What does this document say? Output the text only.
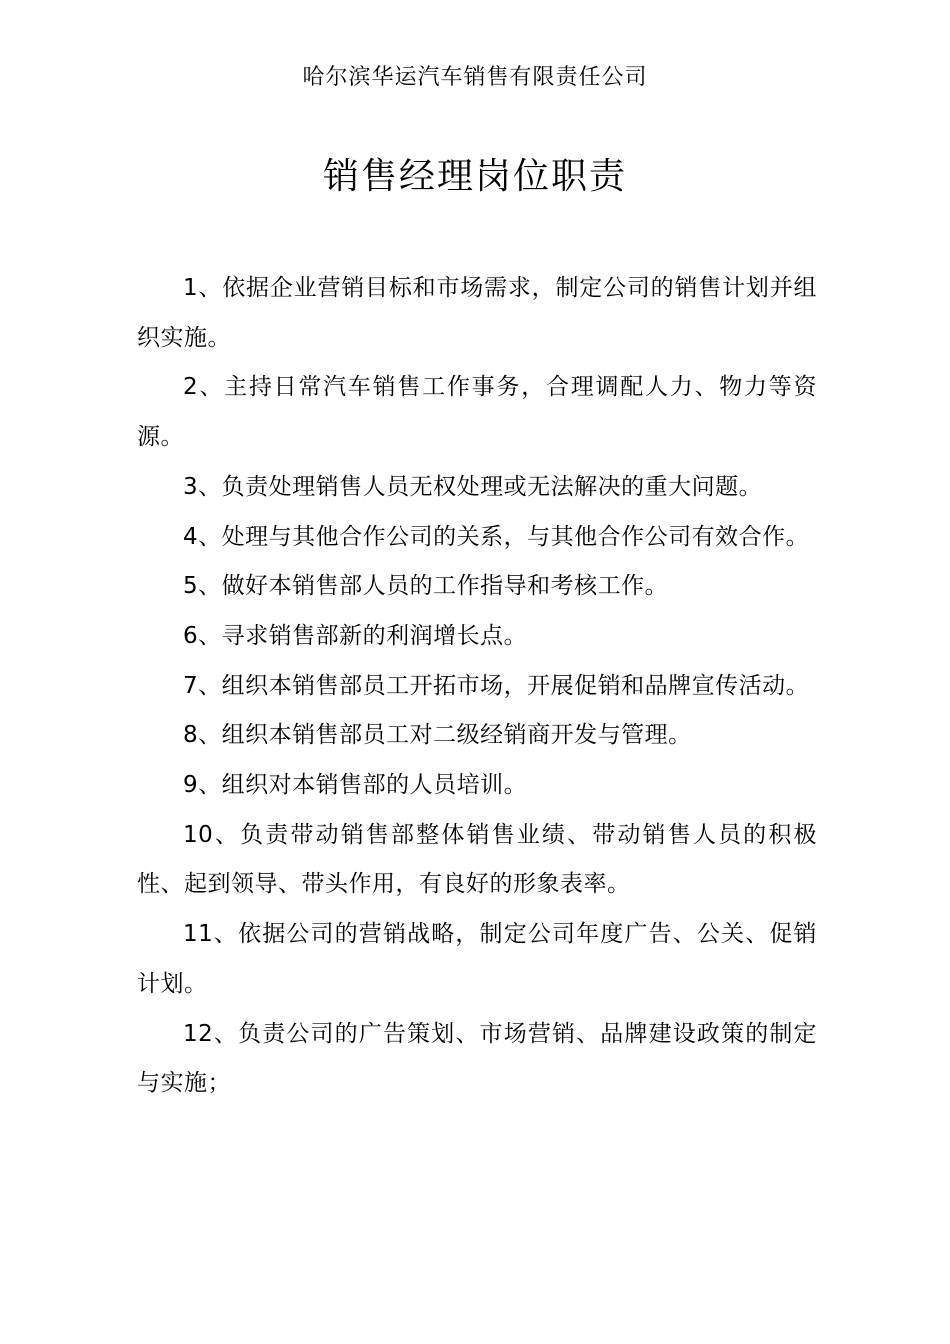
哈尔滨华运汽车销售有限责任公司
销售经理岗位职责

1、依据企业营销目标和市场需求，制定公司的销售计划并组织实施。

2、主持日常汽车销售工作事务，合理调配人力、物力等资源。

3、负责处理销售人员无权处理或无法解决的重大问题。

4、处理与其他合作公司的关系，与其他合作公司有效合作。

5、做好本销售部人员的工作指导和考核工作。

6、寻求销售部新的利润增长点。

7、组织本销售部员工开拓市场，开展促销和品牌宣传活动。

8、组织本销售部员工对二级经销商开发与管理。

9、组织对本销售部的人员培训。

10、负责带动销售部整体销售业绩、带动销售人员的积极性、起到领导、带头作用，有良好的形象表率。

11、依据公司的营销战略，制定公司年度广告、公关、促销计划。

12、负责公司的广告策划、市场营销、品牌建设政策的制定与实施；
